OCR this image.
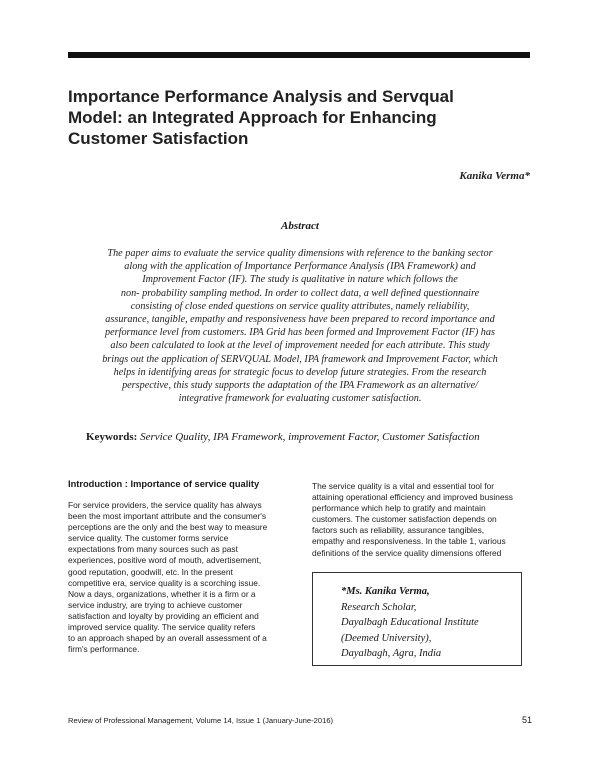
Importance Performance Analysis and Servqual
Model: an Integrated Approach for Enhancing
Customer Satisfaction
Kanika Verma*
Abstract
The paper aims to evaluate the service quality dimensions with reference to the banking sector
along with the application of Importance Performance Analysis (IPA Framework) and
Improvement Factor (IF). The study is qualitative in nature which follows the
non- probability sampling method. In order to collect data, a well defined questionnaire
consisting of close ended questions on service quality attributes, namely reliability,
assurance, tangible, empathy and responsiveness have been prepared to record importance and
performance level from customers. IPA Grid has been formed and Improvement Factor (IF) has
also been calculated to look at the level of improvement needed for each attribute. This study
brings out the application of SERVQUAL Model, IPA framework and Improvement Factor, which
helps in identifying areas for strategic focus to develop future strategies. From the research
perspective, this study supports the adaptation of the IPA Framework as an alternative/
integrative framework for evaluating customer satisfaction.
Keywords: Service Quality, IPA Framework, improvement Factor, Customer Satisfaction
Introduction : Importance of service quality
For service providers, the service quality has always
been the most important attribute and the consumer's
perceptions are the only and the best way to measure
service quality. The customer forms service
expectations from many sources such as past
experiences, positive word of mouth, advertisement,
good reputation, goodwill, etc. In the present
competitive era, service quality is a scorching issue.
Now a days, organizations, whether it is a firm or a
service industry, are trying to achieve customer
satisfaction and loyalty by providing an efficient and
improved service quality. The service quality refers
to an approach shaped by an overall assessment of a
firm's performance.
The service quality is a vital and essential tool for
attaining operational efficiency and improved business
performance which help to gratify and maintain
customers. The customer satisfaction depends on
factors such as reliability, assurance tangibles,
empathy and responsiveness. In the table 1, various
definitions of the service quality dimensions offered
*Ms. Kanika Verma,
Research Scholar,
Dayalbagh Educational Institute
(Deemed University),
Dayalbagh, Agra, India
Review of Professional Management, Volume 14, Issue 1 (January-June-2016)	51
